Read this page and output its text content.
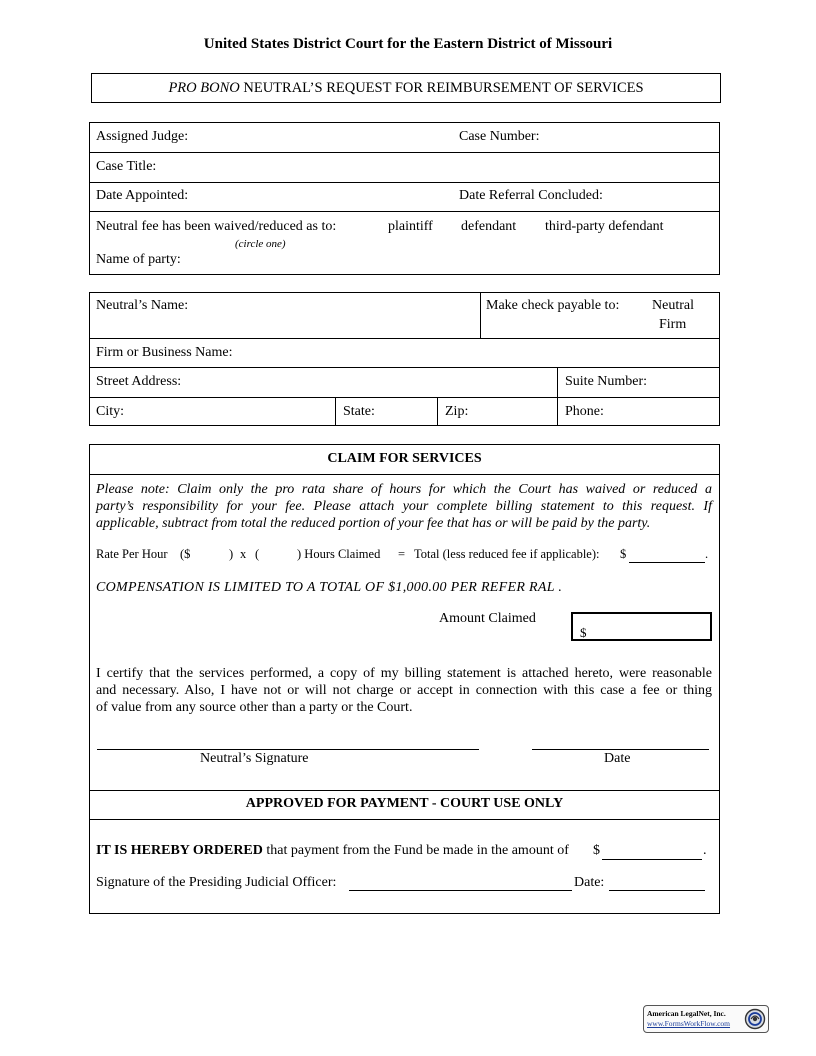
United States District Court for the Eastern District of Missouri
PRO BONO NEUTRAL’S REQUEST FOR REIMBURSEMENT OF SERVICES
Assigned Judge:	Case Number:
Case Title:
Date Appointed:	Date Referral Concluded:
Neutral fee has been waived/reduced as to:	plaintiff defendant third-party defendant
(circle one)
Name of party:
Neutral’s Name:	Make check payable to: Neutral
Firm
Firm or Business Name:
Street Address:	Suite Number:
City:	State:	Zip:	Phone:
CLAIM FOR SERVICES
Please note: Claim only the pro rata share of hours for which the Court has waived or reduced a
party’s responsibility for your fee. Please attach your complete billing statement to this request. If
applicable, subtract from total the reduced portion of your fee that has or will be paid by the party.
Rate Per Hour ($	) x (	) Hours Claimed = Total (less reduced fee if applicable): $	.
COMPENSATION IS LIMITED TO A TOTAL OF $1,000.00 PER REFER RAL .
Amount Claimed
$
I certify that the services performed, a copy of my billing statement is attached hereto, were reasonable
and necessary. Also, I have not or will not charge or accept in connection with this case a fee or thing
of value from any source other than a party or the Court.
Neutral’s Signature	Date
APPROVED FOR PAYMENT - COURT USE ONLY
IT IS HEREBY ORDERED that payment from the Fund be made in the amount of $	.
Signature of the Presiding Judicial Officer:	Date:
American LegalNet, Inc.
www.FormsWorkFlow.com
